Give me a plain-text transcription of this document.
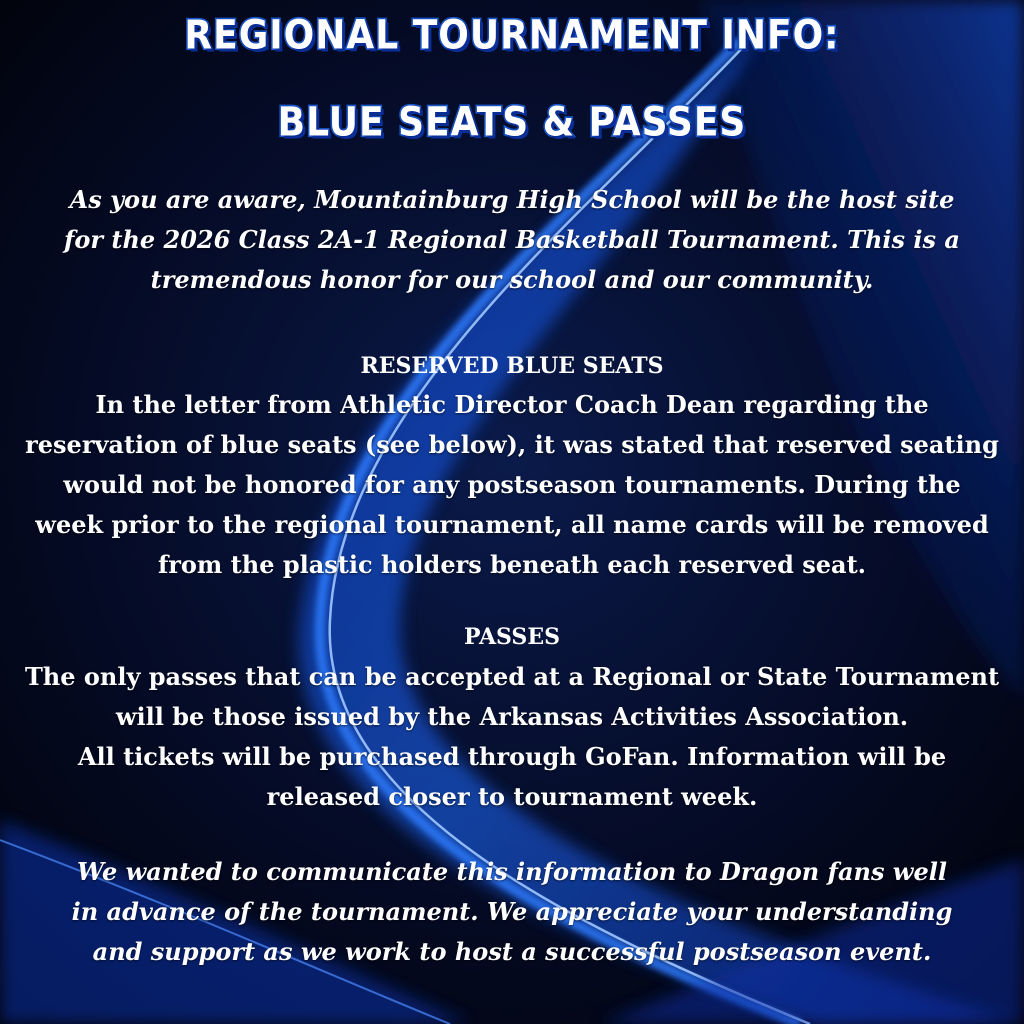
REGIONAL TOURNAMENT INFO:
BLUE SEATS & PASSES

As you are aware, Mountainburg High School will be the host site
for the 2026 Class 2A-1 Regional Basketball Tournament. This is a
tremendous honor for our school and our community.

RESERVED BLUE SEATS

In the letter from Athletic Director Coach Dean regarding the
reservation of blue seats (see below), it was stated that reserved seating
would not be honored for any postseason tournaments. During the
week prior to the regional tournament, all name cards will be removed
from the plastic holders beneath each reserved seat.

PASSES

The only passes that can be accepted at a Regional or State Tournament
will be those issued by the Arkansas Activities Association.
All tickets will be purchased through GoFan. Information will be
released closer to tournament week.

We wanted to communicate this information to Dragon fans well
in advance of the tournament. We appreciate your understanding
and support as we work to host a successful postseason event.
